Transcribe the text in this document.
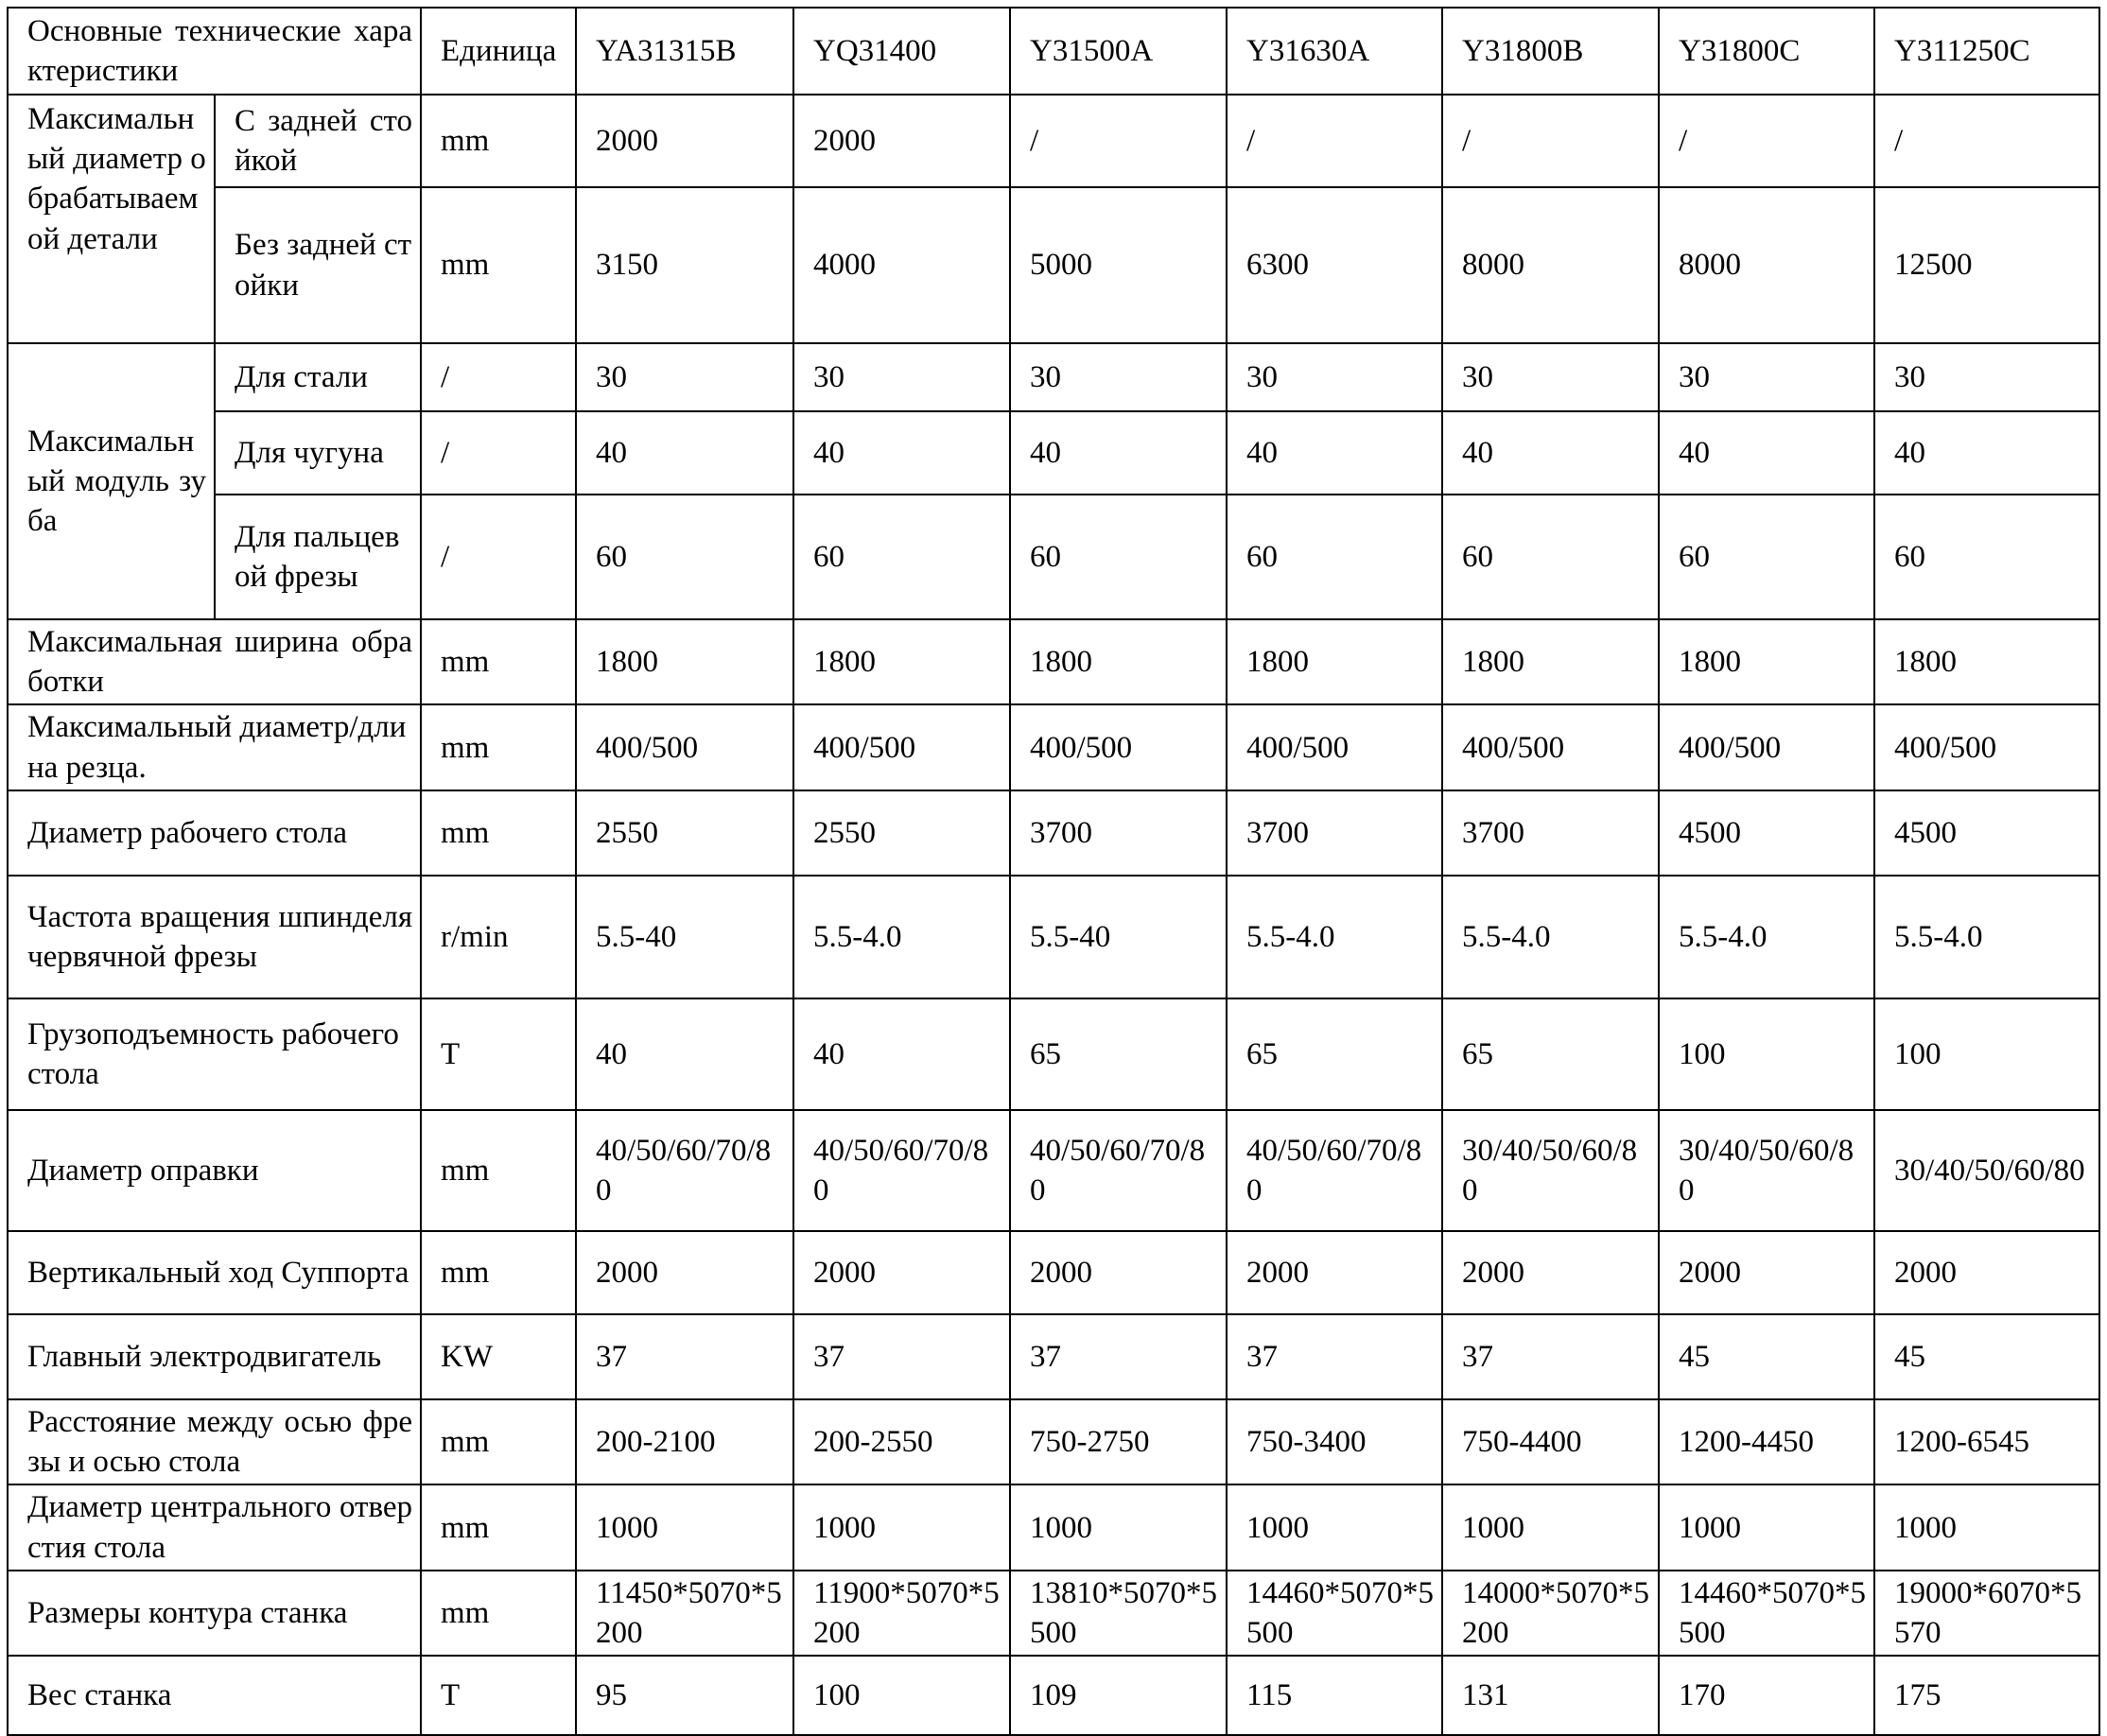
Основные технические характеристики		Единица	YA31315B	YQ31400	Y31500A	Y31630A	Y31800B	Y31800C	Y311250C
Максимальный диаметр обрабатываемой детали	С задней стойкой	mm	2000	2000	/	/	/	/	/
	Без задней стойки	mm	3150	4000	5000	6300	8000	8000	12500
Максимальный модуль зуба	Для стали	/	30	30	30	30	30	30	30
	Для чугуна	/	40	40	40	40	40	40	40
	Для пальцевой фрезы	/	60	60	60	60	60	60	60
Максимальная ширина обработки		mm	1800	1800	1800	1800	1800	1800	1800
Максимальный диаметр/длина резца.		mm	400/500	400/500	400/500	400/500	400/500	400/500	400/500
Диаметр рабочего стола		mm	2550	2550	3700	3700	3700	4500	4500
Частота вращения шпинделя червячной фрезы		r/min	5.5-40	5.5-4.0	5.5-40	5.5-4.0	5.5-4.0	5.5-4.0	5.5-4.0
Грузоподъемность рабочего стола		T	40	40	65	65	65	100	100
Диаметр оправки		mm	40/50/60/70/80	40/50/60/70/80	40/50/60/70/80	40/50/60/70/80	30/40/50/60/80	30/40/50/60/80	30/40/50/60/80
Вертикальный ход Суппорта		mm	2000	2000	2000	2000	2000	2000	2000
Главный электродвигатель		KW	37	37	37	37	37	45	45
Расстояние между осью фрезы и осью стола		mm	200-2100	200-2550	750-2750	750-3400	750-4400	1200-4450	1200-6545
Диаметр центрального отверстия стола		mm	1000	1000	1000	1000	1000	1000	1000
Размеры контура станка		mm	11450*5070*5200	11900*5070*5200	13810*5070*5500	14460*5070*5500	14000*5070*5200	14460*5070*5500	19000*6070*5570
Вес станка		T	95	100	109	115	131	170	175
